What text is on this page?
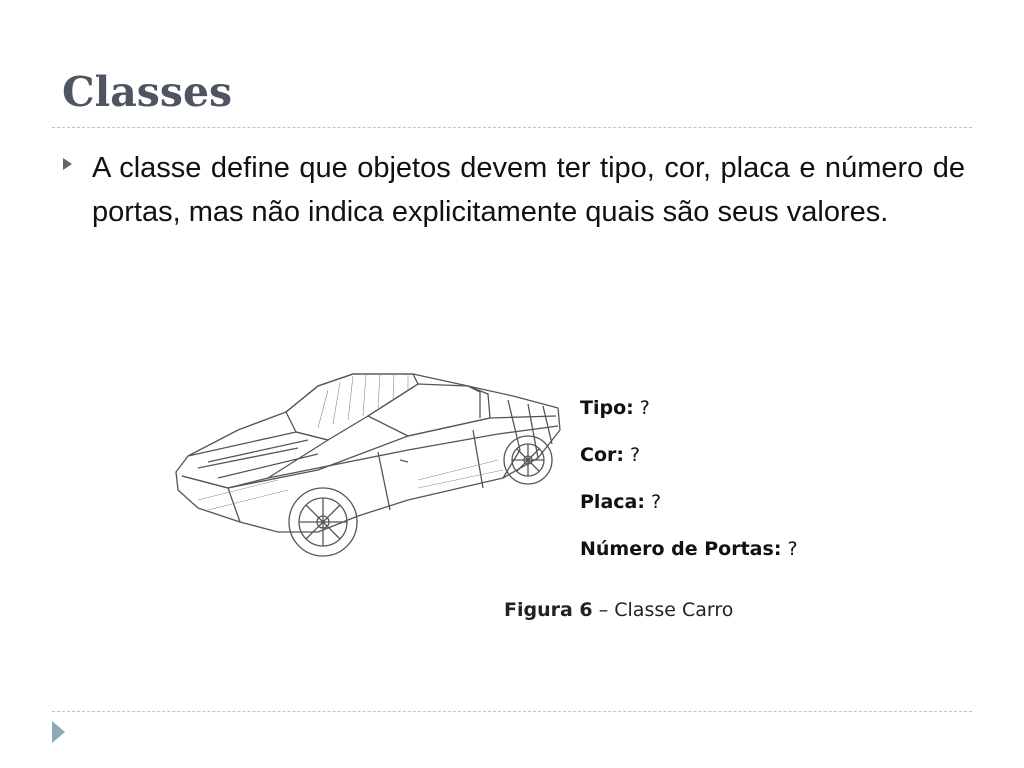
Classes
A classe define que objetos devem ter tipo, cor, placa e número de portas, mas não indica explicitamente quais são seus valores.
Tipo: ?
Cor: ?
Placa: ?
Número de Portas: ?
Figura 6 – Classe Carro
